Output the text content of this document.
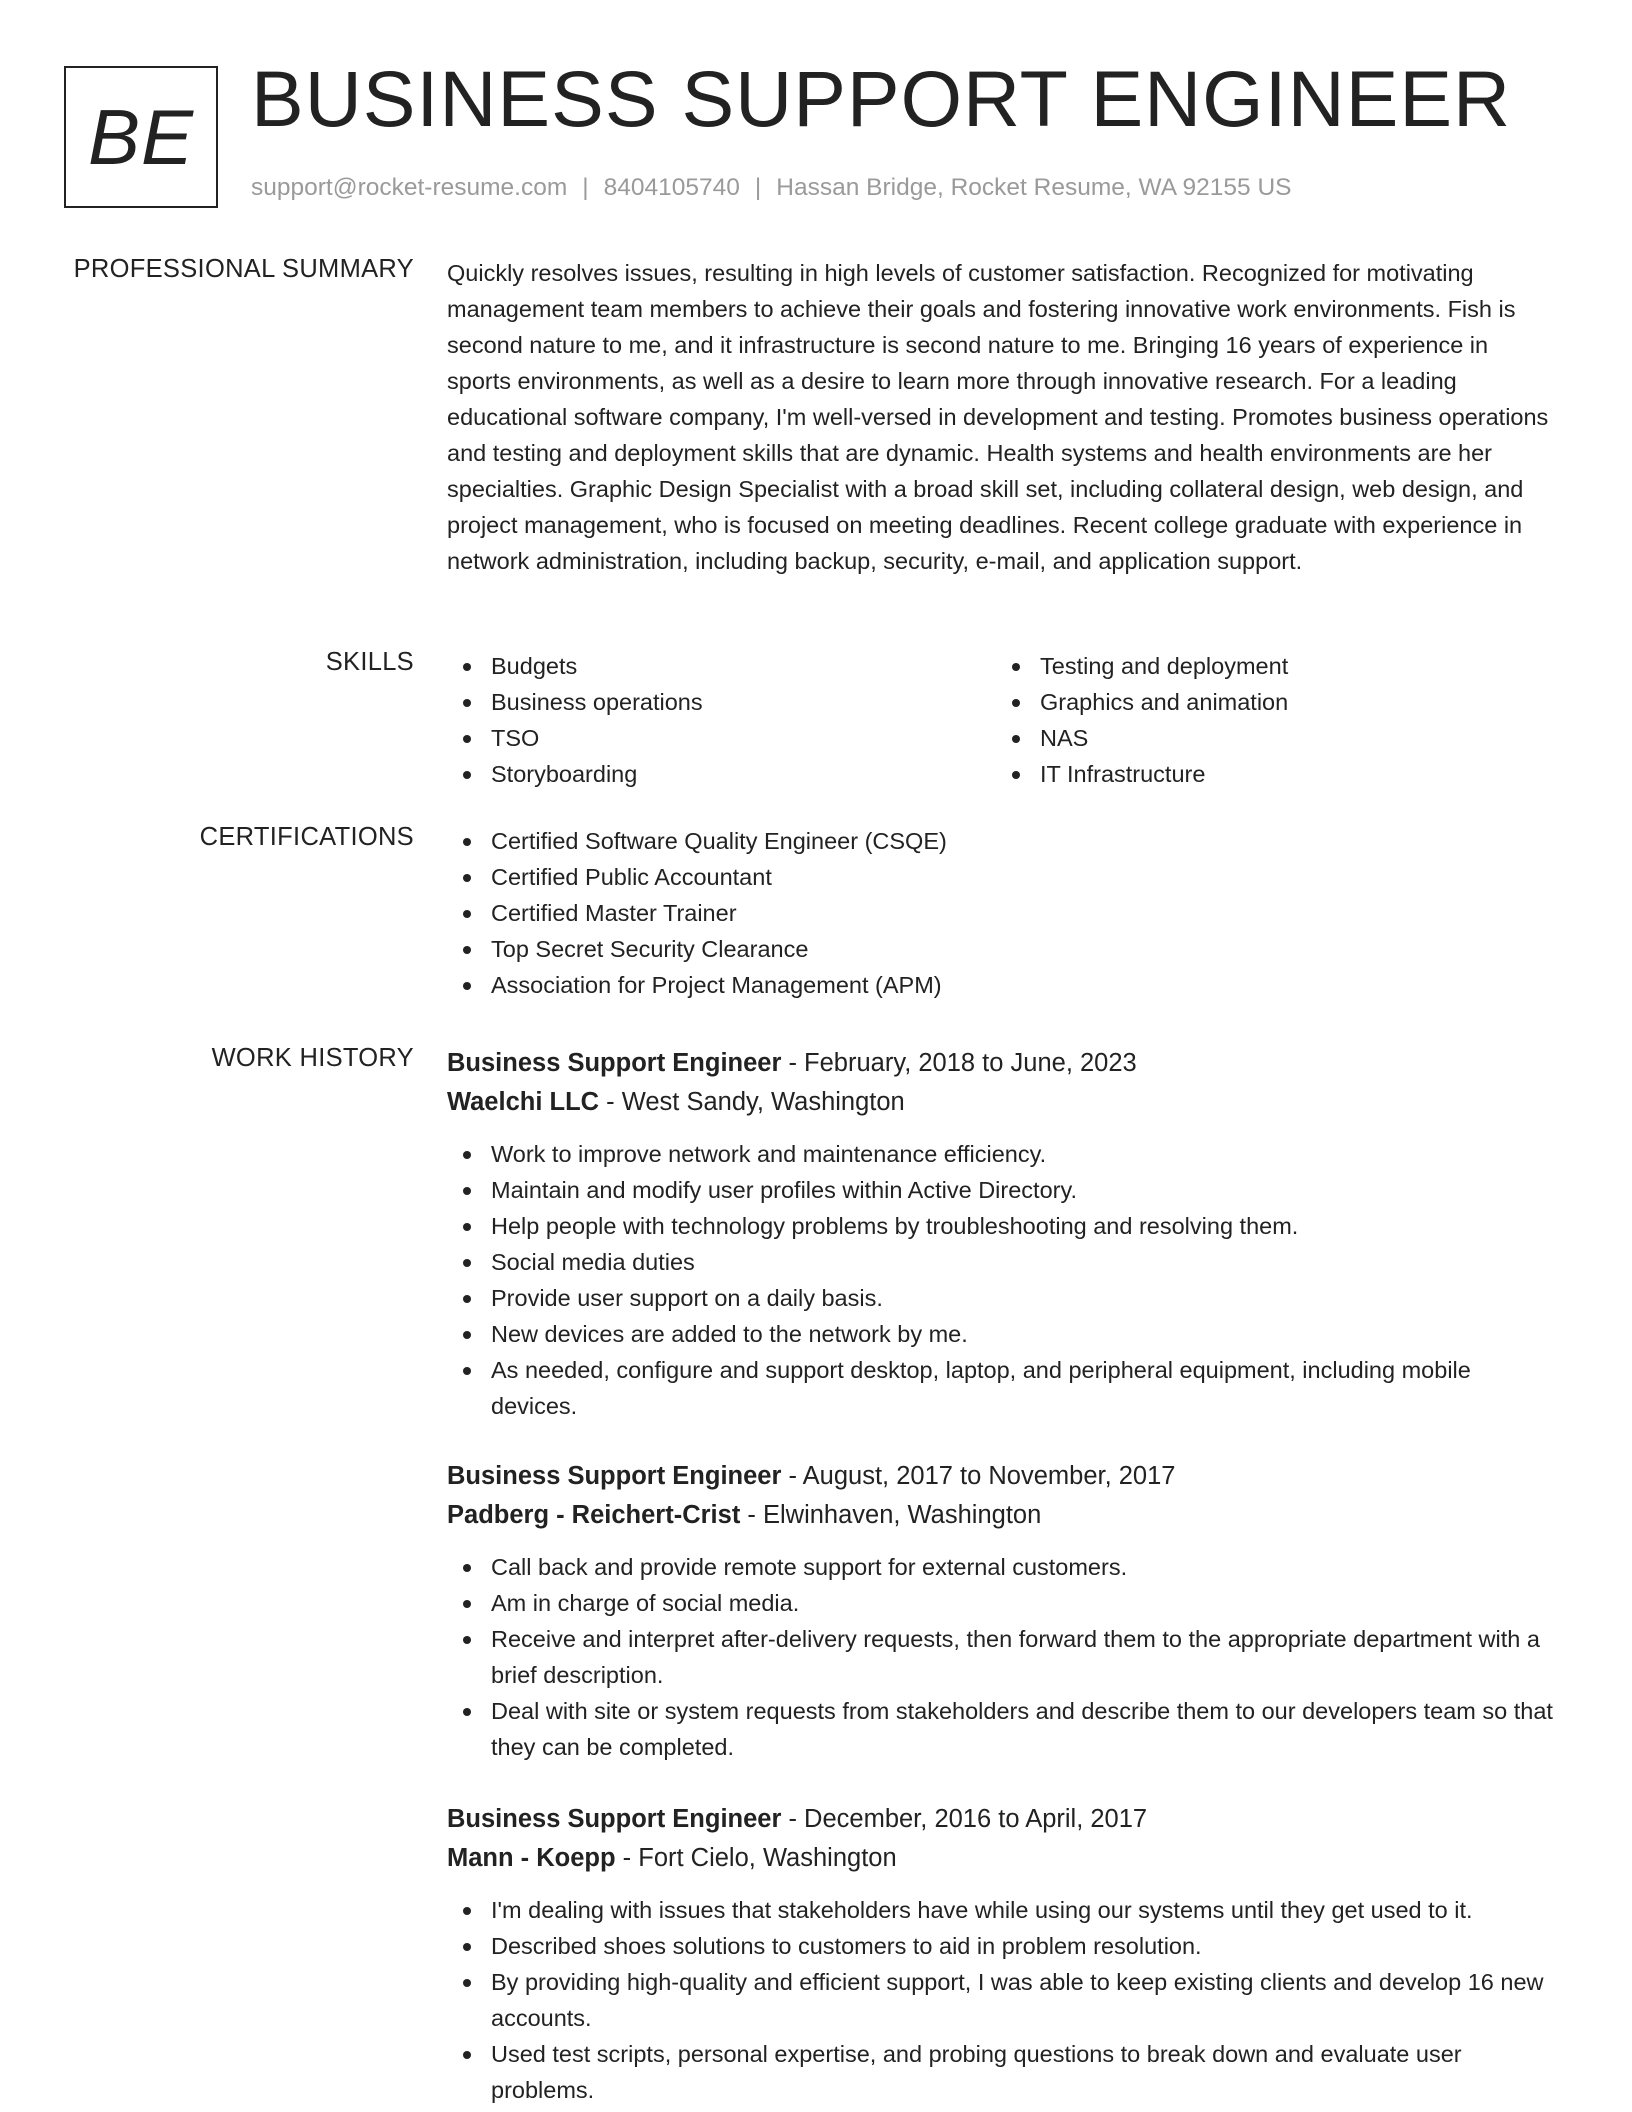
BE BUSINESS SUPPORT ENGINEER
support@rocket-resume.com | 8404105740 | Hassan Bridge, Rocket Resume, WA 92155 US
PROFESSIONAL SUMMARY Quickly resolves issues, resulting in high levels of customer satisfaction. Recognized for motivating management team members to achieve their goals and fostering innovative work environments. Fish is second nature to me, and it infrastructure is second nature to me. Bringing 16 years of experience in sports environments, as well as a desire to learn more through innovative research. For a leading educational software company, I'm well-versed in development and testing. Promotes business operations and testing and deployment skills that are dynamic. Health systems and health environments are her specialties. Graphic Design Specialist with a broad skill set, including collateral design, web design, and project management, who is focused on meeting deadlines. Recent college graduate with experience in network administration, including backup, security, e-mail, and application support.

SKILLS	Budgets
Business operations
TSO
Storyboarding
Testing and deployment
Graphics and animation
NAS
IT Infrastructure
CERTIFICATIONS	Certified Software Quality Engineer (CSQE)
Certified Public Accountant
Certified Master Trainer
Top Secret Security Clearance
Association for Project Management (APM)
WORK HISTORY Business Support Engineer - February, 2018 to June, 2023
Waelchi LLC - West Sandy, Washington
Work to improve network and maintenance efficiency.
Maintain and modify user profiles within Active Directory.
Help people with technology problems by troubleshooting and resolving them.
Social media duties
Provide user support on a daily basis.
New devices are added to the network by me.
As needed, configure and support desktop, laptop, and peripheral equipment, including mobile devices.
Business Support Engineer - August, 2017 to November, 2017
Padberg - Reichert-Crist - Elwinhaven, Washington
Call back and provide remote support for external customers.
Am in charge of social media.
Receive and interpret after-delivery requests, then forward them to the appropriate department with a brief description.
Deal with site or system requests from stakeholders and describe them to our developers team so that they can be completed.
Business Support Engineer - December, 2016 to April, 2017
Mann - Koepp - Fort Cielo, Washington
I'm dealing with issues that stakeholders have while using our systems until they get used to it.
Described shoes solutions to customers to aid in problem resolution.
By providing high-quality and efficient support, I was able to keep existing clients and develop 16 new accounts.
Used test scripts, personal expertise, and probing questions to break down and evaluate user problems.
